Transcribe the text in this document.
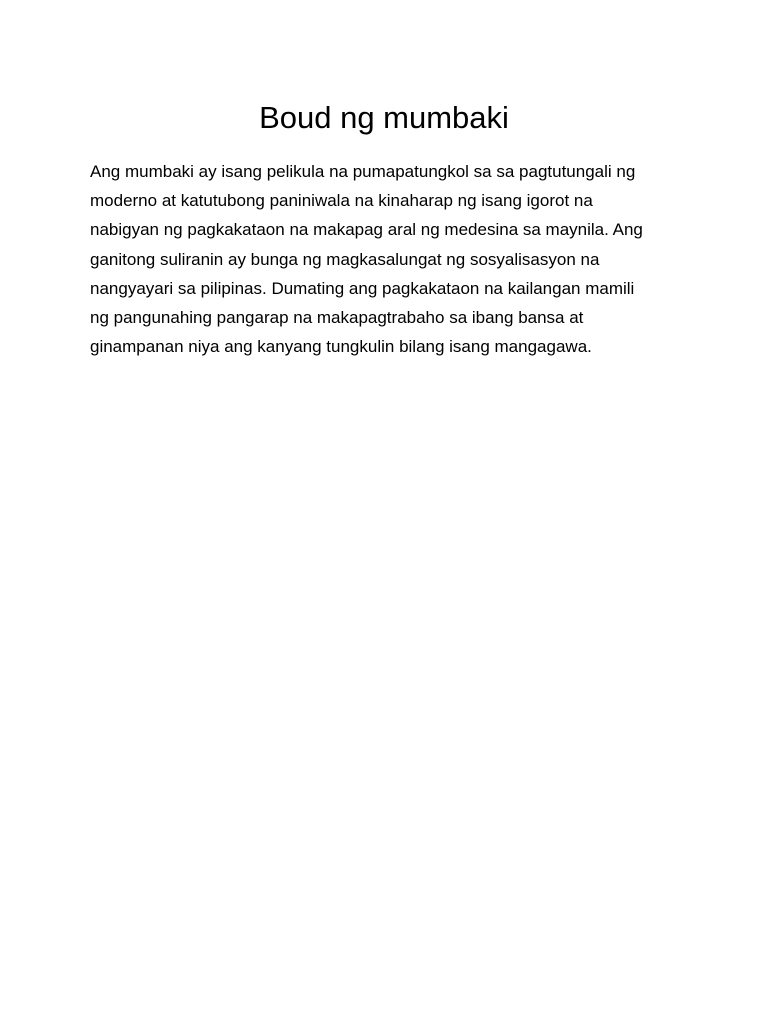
Boud ng mumbaki

Ang mumbaki ay isang pelikula na pumapatungkol sa sa pagtutungali ng
moderno at katutubong paniniwala na kinaharap ng isang igorot na
nabigyan ng pagkakataon na makapag aral ng medesina sa maynila. Ang
ganitong suliranin ay bunga ng magkasalungat ng sosyalisasyon na
nangyayari sa pilipinas. Dumating ang pagkakataon na kailangan mamili
ng pangunahing pangarap na makapagtrabaho sa ibang bansa at
ginampanan niya ang kanyang tungkulin bilang isang mangagawa.
